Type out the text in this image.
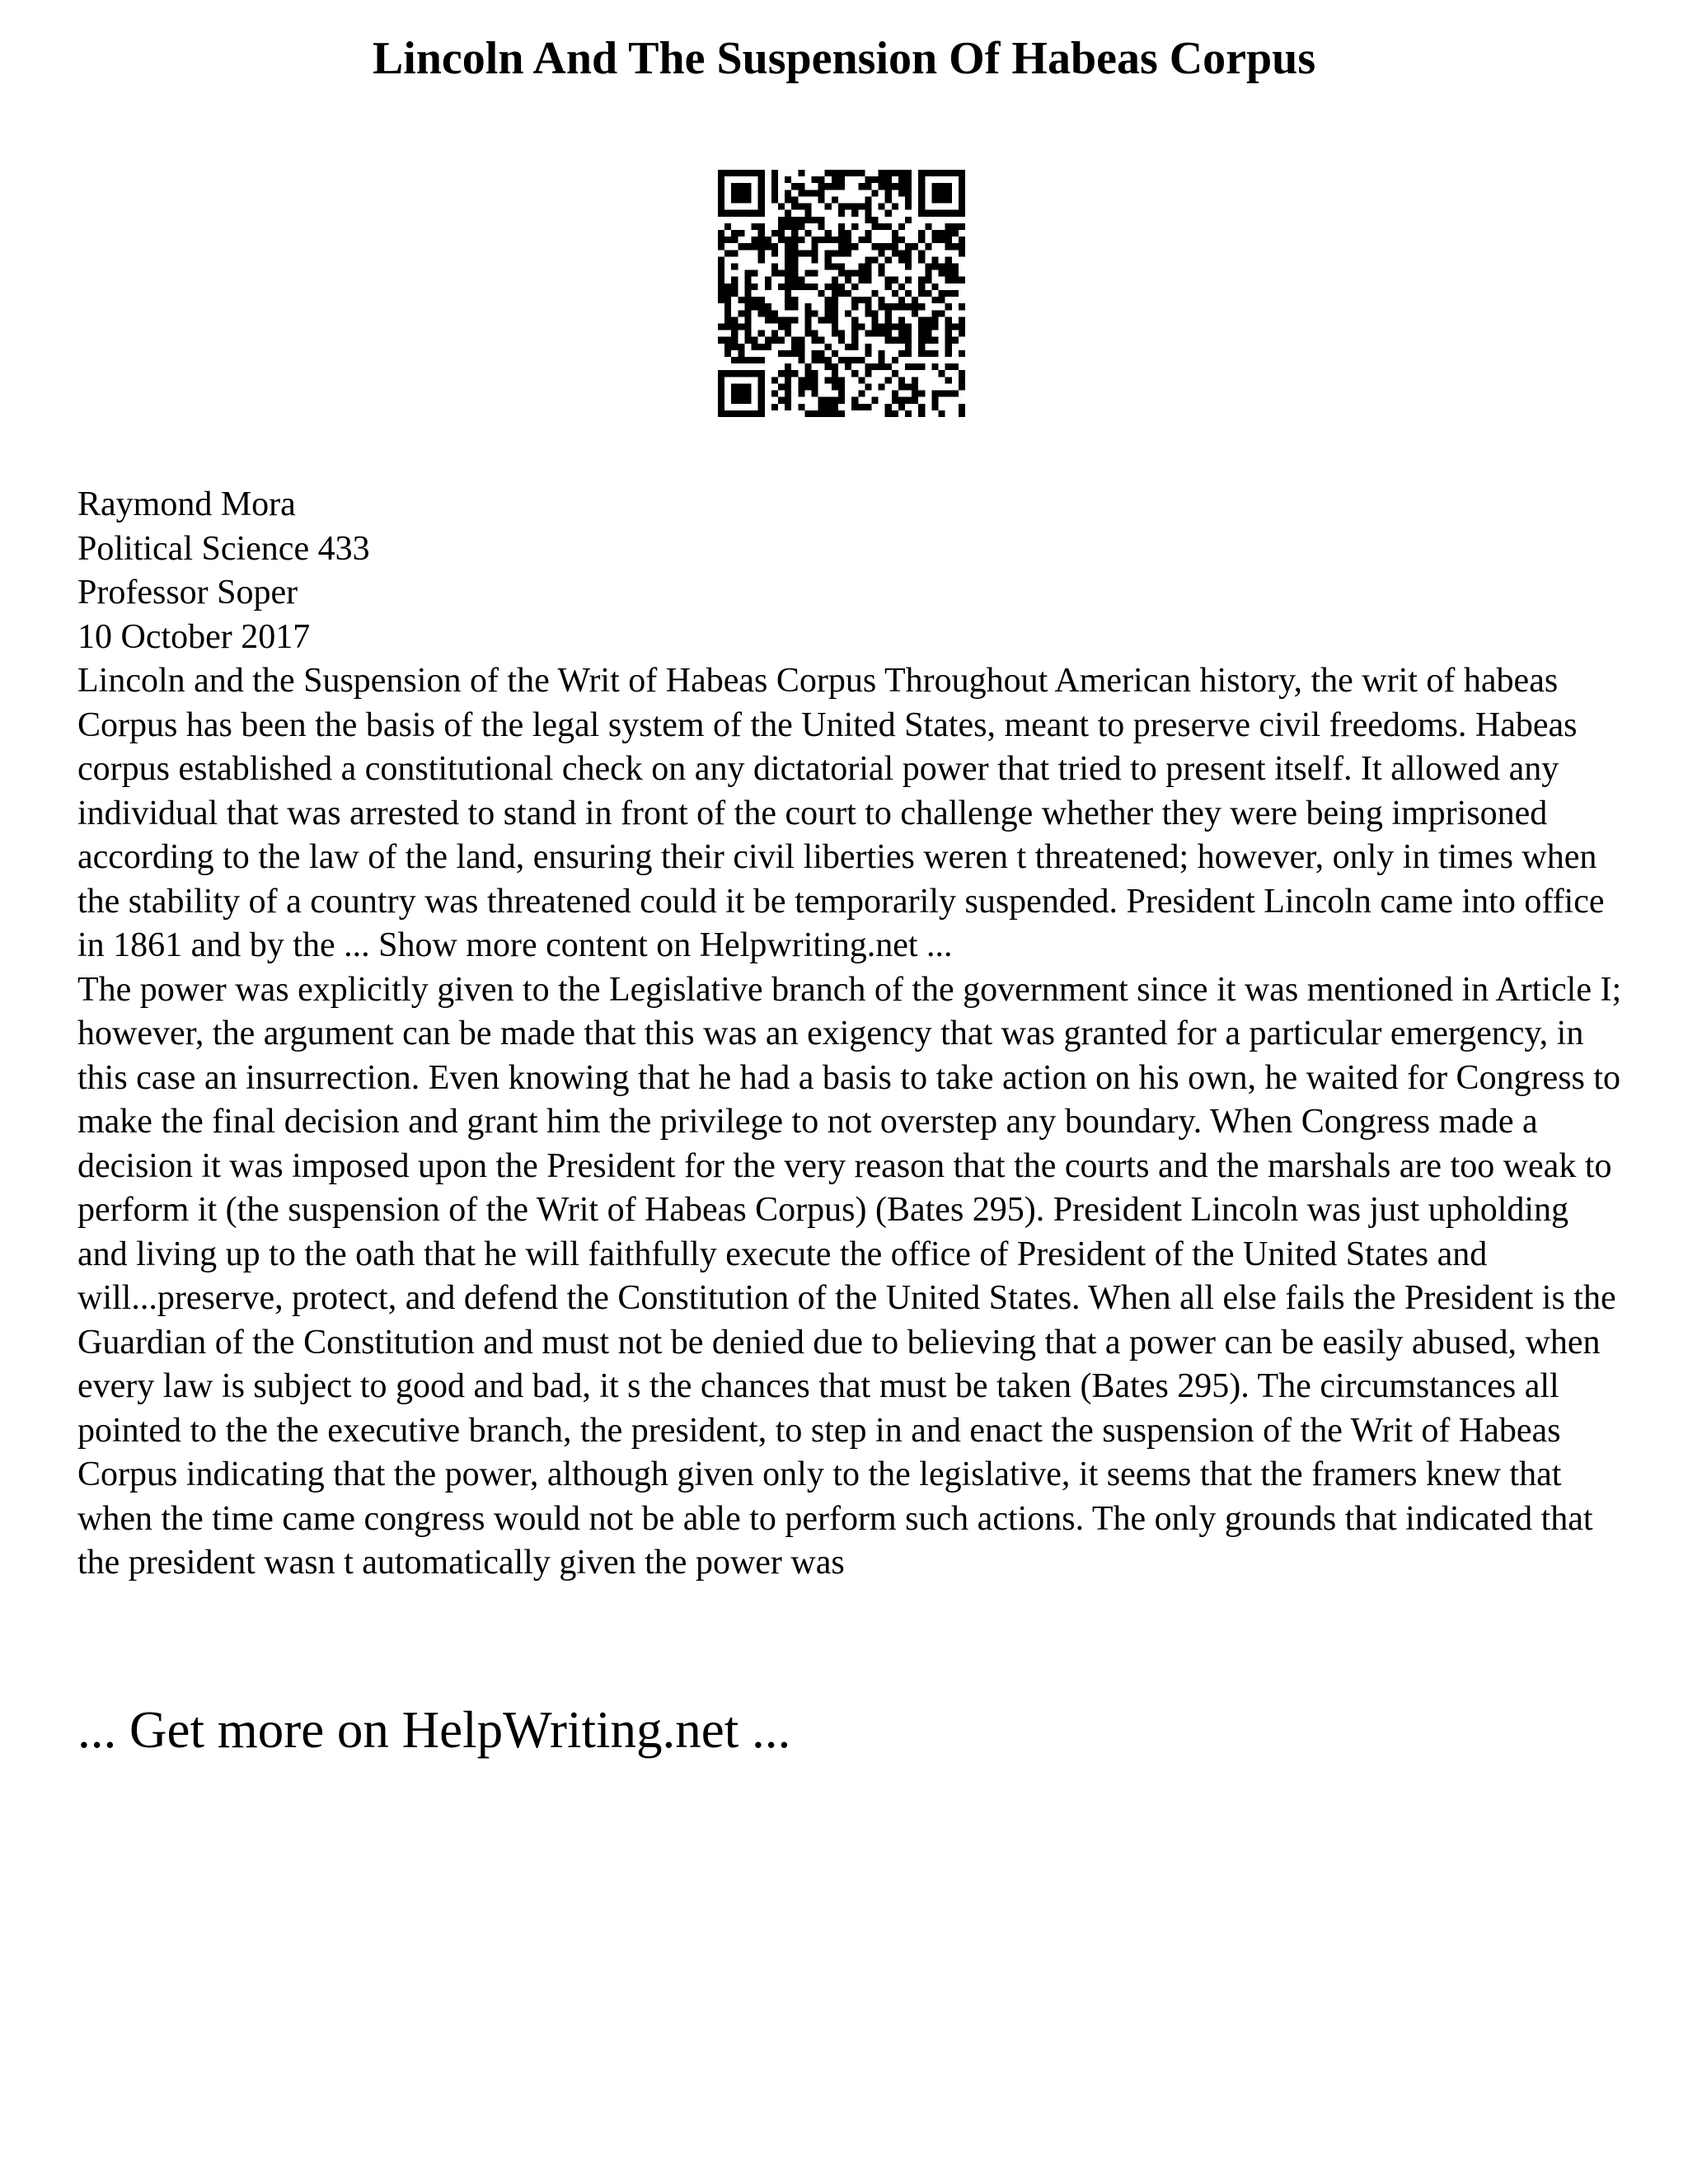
Lincoln And The Suspension Of Habeas Corpus
Raymond Mora
Political Science 433
Professor Soper
10 October 2017

Lincoln and the Suspension of the Writ of Habeas Corpus Throughout American history, the writ of habeas Corpus has been the basis of the legal system of the United States, meant to preserve civil freedoms. Habeas corpus established a constitutional check on any dictatorial power that tried to present itself. It allowed any individual that was arrested to stand in front of the court to challenge whether they were being imprisoned according to the law of the land, ensuring their civil liberties weren t threatened; however, only in times when the stability of a country was threatened could it be temporarily suspended. President Lincoln came into office in 1861 and by the ... Show more content on Helpwriting.net ...

The power was explicitly given to the Legislative branch of the government since it was mentioned in Article I; however, the argument can be made that this was an exigency that was granted for a particular emergency, in this case an insurrection. Even knowing that he had a basis to take action on his own, he waited for Congress to make the final decision and grant him the privilege to not overstep any boundary. When Congress made a decision it was imposed upon the President for the very reason that the courts and the marshals are too weak to perform it (the suspension of the Writ of Habeas Corpus) (Bates 295). President Lincoln was just upholding and living up to the oath that he will faithfully execute the office of President of the United States and will...preserve, protect, and defend the Constitution of the United States. When all else fails the President is the Guardian of the Constitution and must not be denied due to believing that a power can be easily abused, when every law is subject to good and bad, it s the chances that must be taken (Bates 295). The circumstances all pointed to the the executive branch, the president, to step in and enact the suspension of the Writ of Habeas Corpus indicating that the power, although given only to the legislative, it seems that the framers knew that when the time came congress would not be able to perform such actions. The only grounds that indicated that the president wasn t automatically given the power was

... Get more on HelpWriting.net ...
